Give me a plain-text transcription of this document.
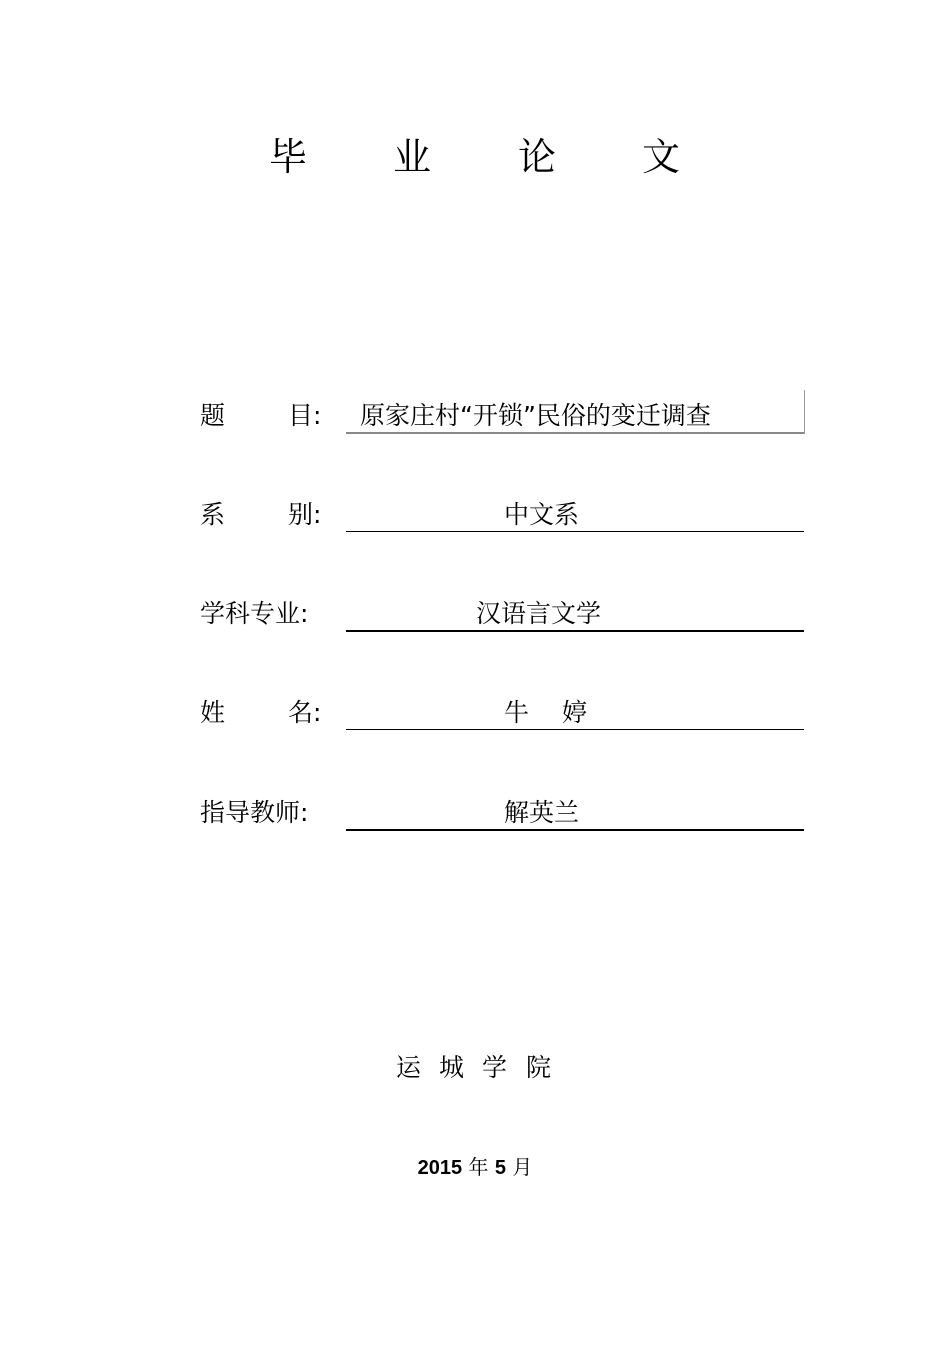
毕 业 论 文
题	目: 原家庄村“开锁”民俗的变迁调查
系	别:	中文系
学科专业:	汉语言文学
姓	名:	牛 婷
指导教师:	解英兰
运 城 学 院
2015 年 5 月
